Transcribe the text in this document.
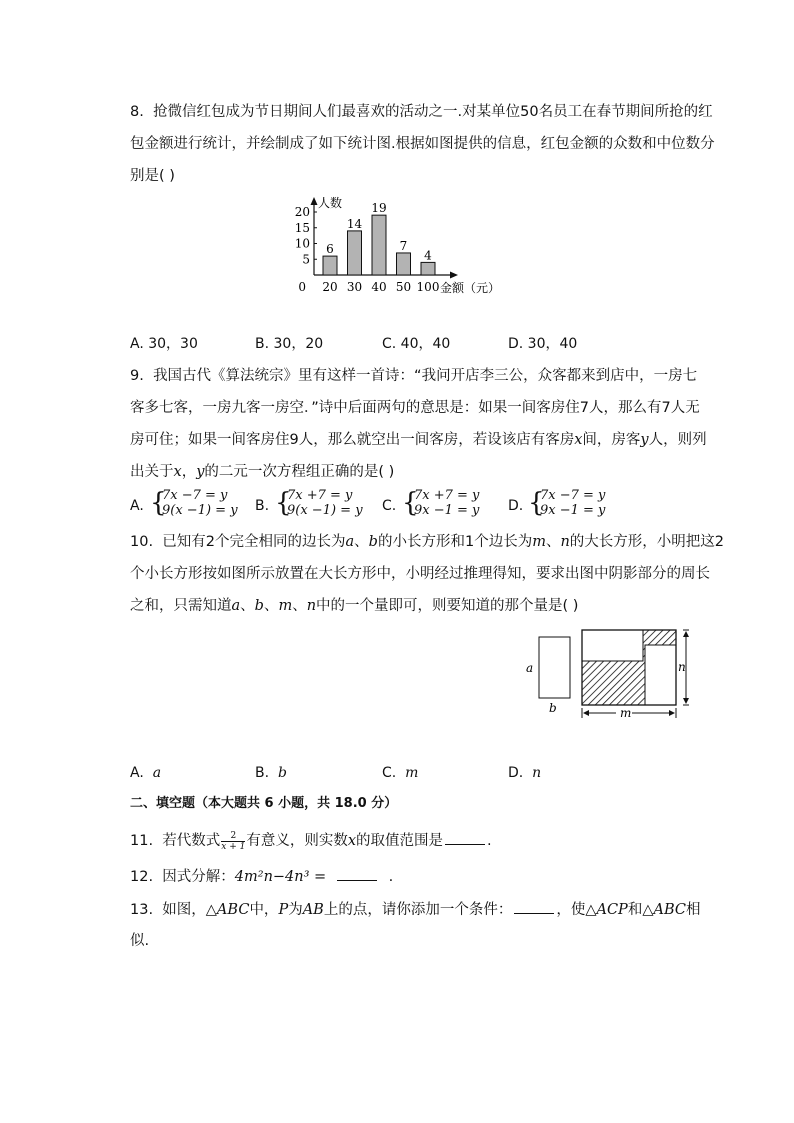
8. 抢微信红包成为节日期间人们最喜欢的活动之一.对某单位50名员工在春节期间所抢的红
包金额进行统计，并绘制成了如下统计图.根据如图提供的信息，红包金额的众数和中位数分
别是( )
5
10
15
20
0
人数
金额（元）
6
20
14
30
19
40
7
50
4
100
A. 30，30	B. 30，20	C. 40，40	D. 30，40
9. 我国古代《算法统宗》里有这样一首诗：“我问开店李三公，众客都来到店中，一房七
客多七客，一房九客一房空．”诗中后面两句的意思是：如果一间客房住7人，那么有7人无
房可住；如果一间客房住9人，那么就空出一间客房，若设该店有客房x间，房客y人，则列
出关于x，y的二元一次方程组正确的是( )
A. {
7x −7 = y
9(x −1) = y B. {
7x +7 = y
9(x −1) = y C. {
7x +7 = y
9x −1 = y D. {
7x −7 = y
9x −1 = y
10. 已知有2个完全相同的边长为a、b的小长方形和1个边长为m、n的大长方形，小明把这2
个小长方形按如图所示放置在大长方形中，小明经过推理得知，要求出图中阴影部分的周长
之和，只需知道a、b、m、n中的一个量即可，则要知道的那个量是( )
a
b
n
m
A. a	B. b	C. m	D. n
二、填空题（本大题共 6 小题，共 18.0 分）
11. 若代数式 $\frac{2}{x + 1}$ 有意义，则实数x的取值范围是	.
12. 因式分解：4m²n−4n³ =	.
13. 如图，△ABC中，P为AB上的点，请你添加一个条件：	，使△ACP和△ABC相
似.
